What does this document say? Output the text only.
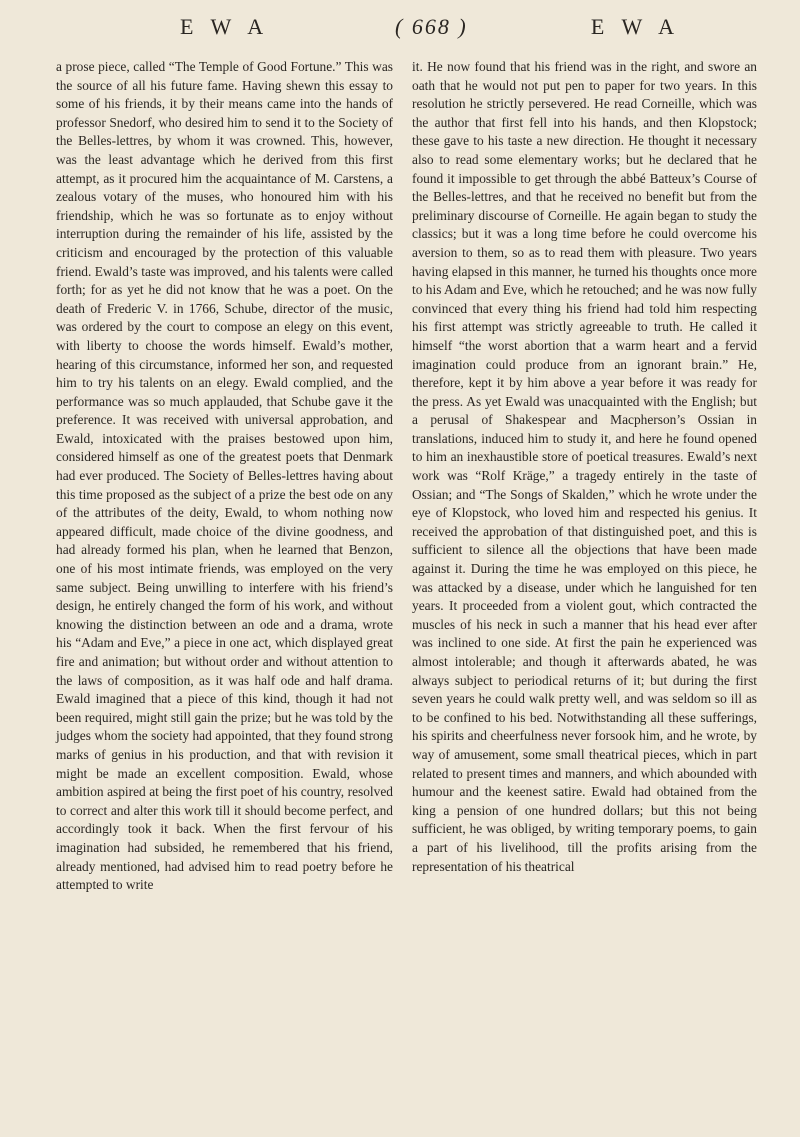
E W A	( 668 )	E W A

a prose piece, called “The Temple of Good Fortune.” This was the source of all his future fame. Having shewn this essay to some of his friends, it by their means came into the hands of professor Snedorf, who desired him to send it to the Society of the Belles-lettres, by whom it was crowned. This, however, was the least advantage which he derived from this first attempt, as it procured him the acquaintance of M. Carstens, a zealous votary of the muses, who honoured him with his friendship, which he was so fortunate as to enjoy without interruption during the remainder of his life, assisted by the criticism and encouraged by the protection of this valuable friend. Ewald’s taste was improved, and his talents were called forth; for as yet he did not know that he was a poet. On the death of Frederic V. in 1766, Schube, director of the music, was ordered by the court to compose an elegy on this event, with liberty to choose the words himself. Ewald’s mother, hearing of this circumstance, informed her son, and requested him to try his talents on an elegy. Ewald complied, and the performance was so much applauded, that Schube gave it the preference. It was received with universal approbation, and Ewald, intoxicated with the praises bestowed upon him, considered himself as one of the greatest poets that Denmark had ever produced. The Society of Belles-lettres having about this time proposed as the subject of a prize the best ode on any of the attributes of the deity, Ewald, to whom nothing now appeared difficult, made choice of the divine goodness, and had already formed his plan, when he learned that Benzon, one of his most intimate friends, was employed on the very same subject. Being unwilling to interfere with his friend’s design, he entirely changed the form of his work, and without knowing the distinction between an ode and a drama, wrote his “Adam and Eve,” a piece in one act, which displayed great fire and animation; but without order and without attention to the laws of composition, as it was half ode and half drama. Ewald imagined that a piece of this kind, though it had not been required, might still gain the prize; but he was told by the judges whom the society had appointed, that they found strong marks of genius in his production, and that with revision it might be made an excellent composition. Ewald, whose ambition aspired at being the first poet of his country, resolved to correct and alter this work till it should become perfect, and accordingly took it back. When the first fervour of his imagination had subsided, he remembered that his friend, already mentioned, had advised him to read poetry before he attempted to write

it. He now found that his friend was in the right, and swore an oath that he would not put pen to paper for two years. In this resolution he strictly persevered. He read Corneille, which was the author that first fell into his hands, and then Klopstock; these gave to his taste a new direction. He thought it necessary also to read some elementary works; but he declared that he found it impossible to get through the abbé Batteux’s Course of the Belles-lettres, and that he received no benefit but from the preliminary discourse of Corneille. He again began to study the classics; but it was a long time before he could overcome his aversion to them, so as to read them with pleasure. Two years having elapsed in this manner, he turned his thoughts once more to his Adam and Eve, which he retouched; and he was now fully convinced that every thing his friend had told him respecting his first attempt was strictly agreeable to truth. He called it himself “the worst abortion that a warm heart and a fervid imagination could produce from an ignorant brain.” He, therefore, kept it by him above a year before it was ready for the press. As yet Ewald was unacquainted with the English; but a perusal of Shakespear and Macpherson’s Ossian in translations, induced him to study it, and here he found opened to him an inexhaustible store of poetical treasures. Ewald’s next work was “Rolf Kräge,” a tragedy entirely in the taste of Ossian; and “The Songs of Skalden,” which he wrote under the eye of Klopstock, who loved him and respected his genius. It received the approbation of that distinguished poet, and this is sufficient to silence all the objections that have been made against it. During the time he was employed on this piece, he was attacked by a disease, under which he languished for ten years. It proceeded from a violent gout, which contracted the muscles of his neck in such a manner that his head ever after was inclined to one side. At first the pain he experienced was almost intolerable; and though it afterwards abated, he was always subject to periodical returns of it; but during the first seven years he could walk pretty well, and was seldom so ill as to be confined to his bed. Notwithstanding all these sufferings, his spirits and cheerfulness never forsook him, and he wrote, by way of amusement, some small theatrical pieces, which in part related to present times and manners, and which abounded with humour and the keenest satire. Ewald had obtained from the king a pension of one hundred dollars; but this not being sufficient, he was obliged, by writing temporary poems, to gain a part of his livelihood, till the profits arising from the representation of his theatrical
